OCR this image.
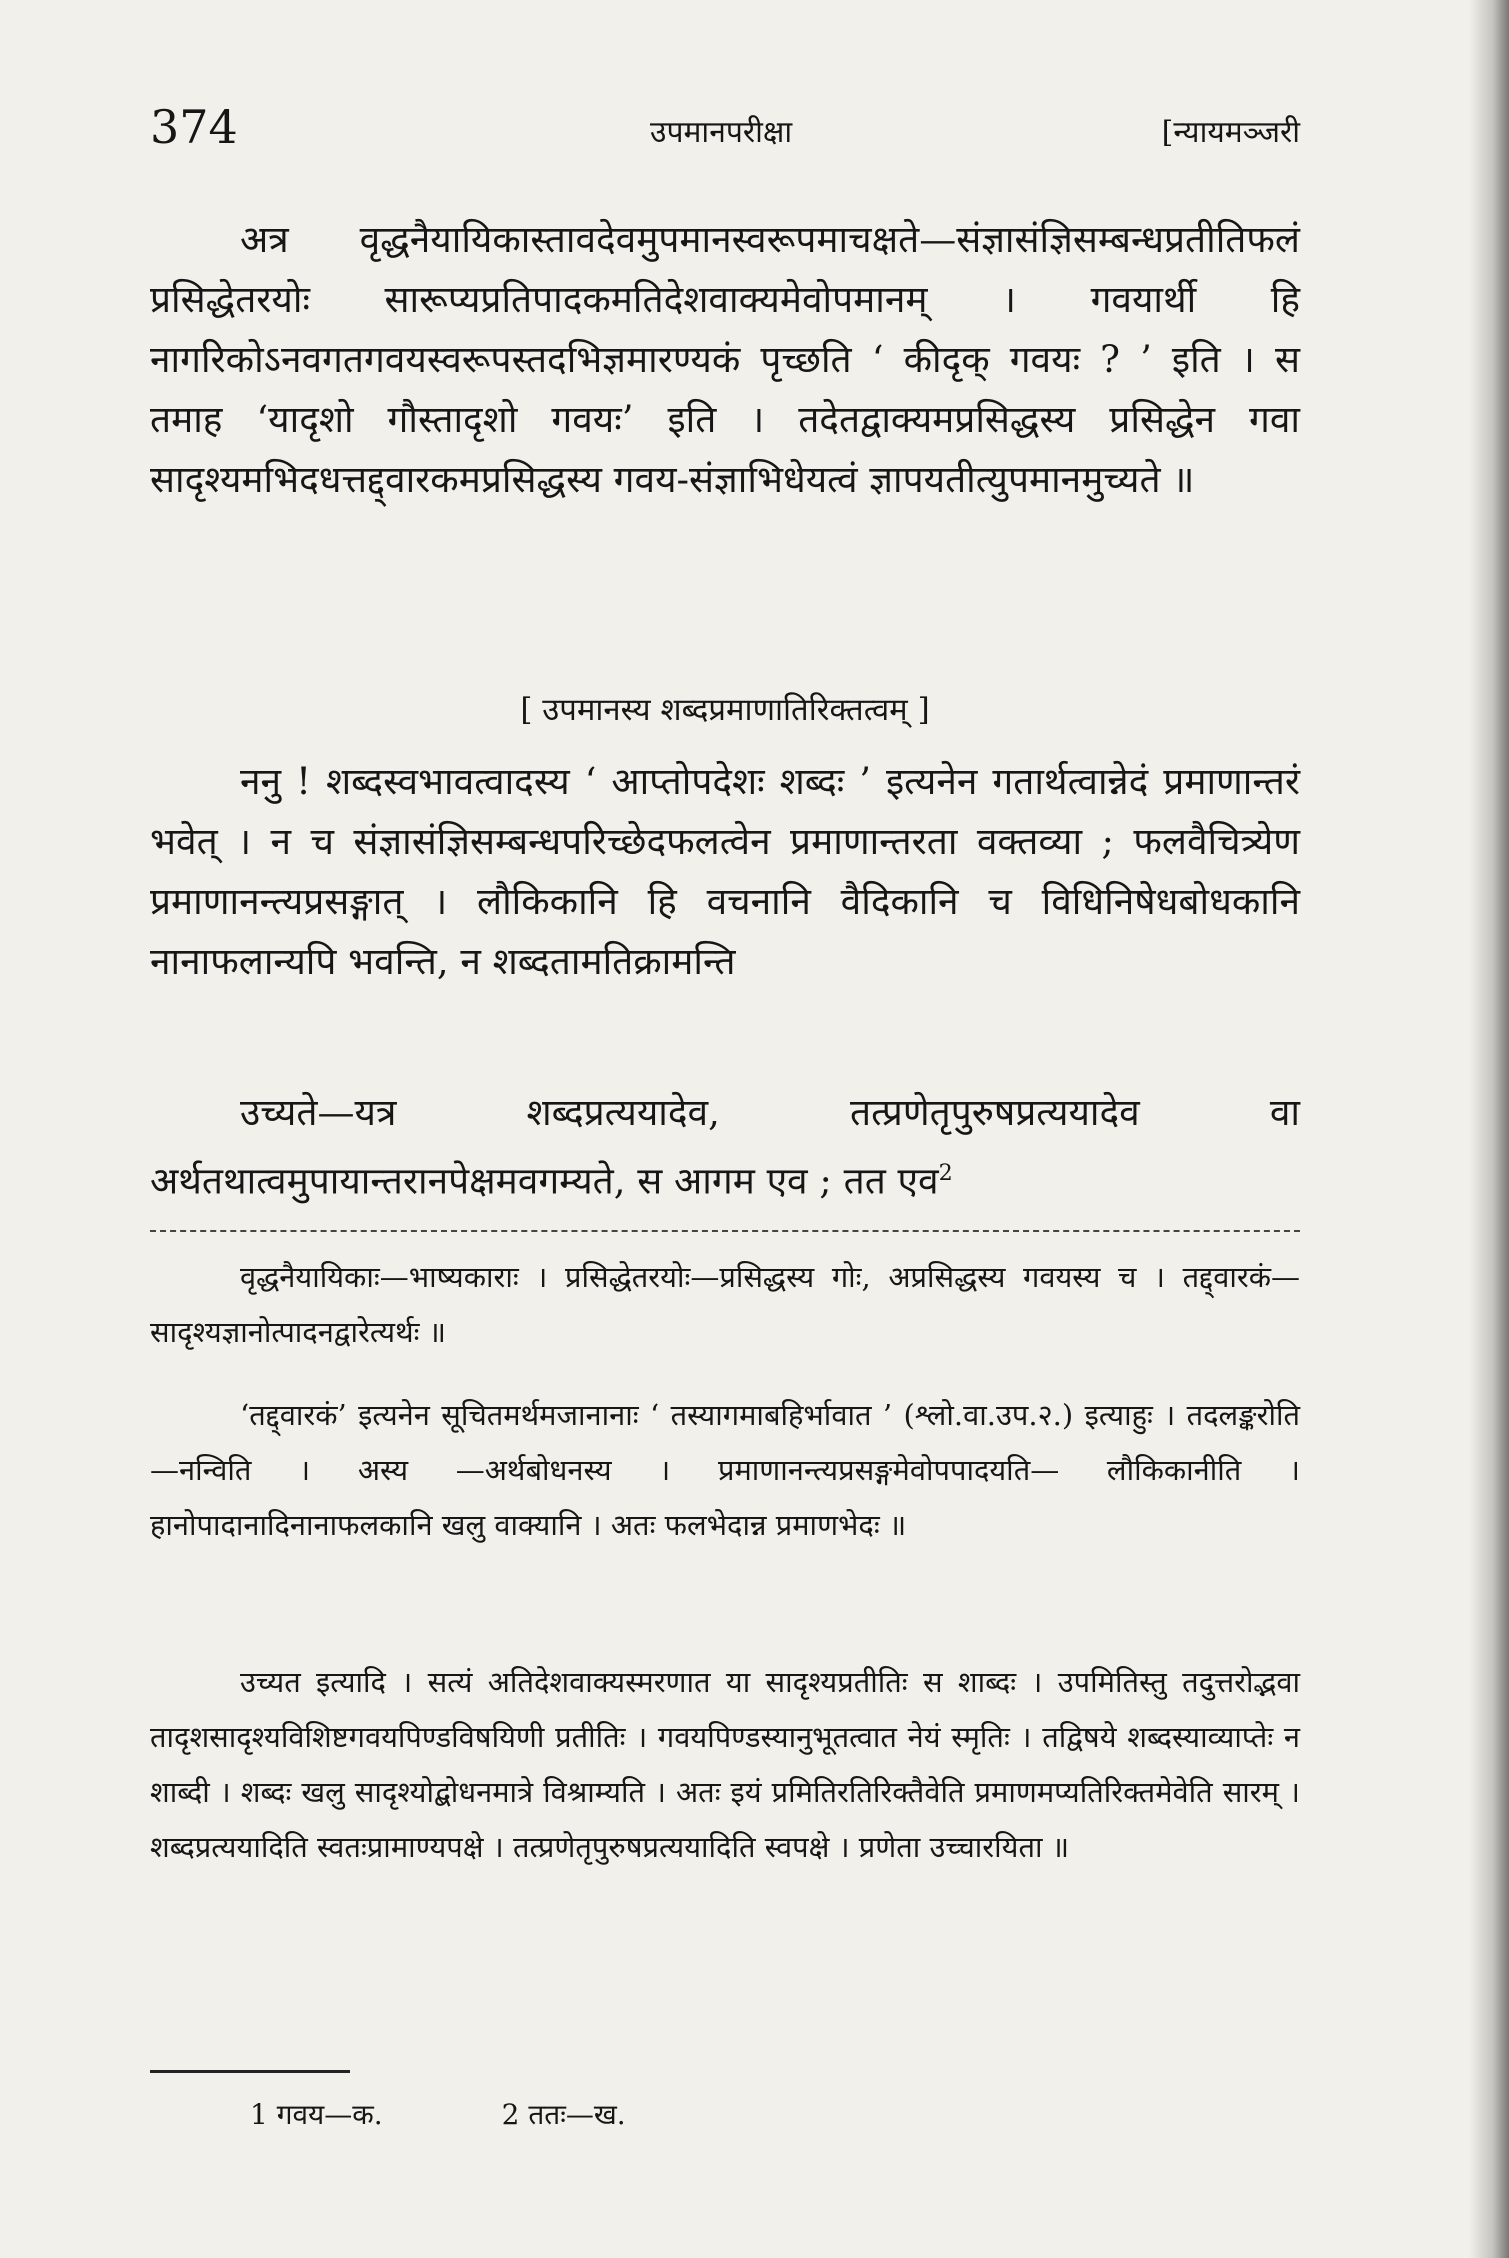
374	उपमानपरीक्षा	[न्यायमञ्जरी

अत्र वृद्धनैयायिकास्तावदेवमुपमानस्वरूपमाचक्षते—संज्ञासंज्ञिसम्बन्धप्रतीतिफलं प्रसिद्धेतरयोः सारूप्यप्रतिपादकमतिदेशवाक्यमेवोपमानम् । गवयार्थी हि नागरिकोऽनवगतगवयस्वरूपस्तदभिज्ञमारण्यकं पृच्छति ‘ कीदृक् गवयः ? ’ इति । स तमाह ‘यादृशो गौस्तादृशो गवयः’ इति । तदेतद्वाक्यमप्रसिद्धस्य प्रसिद्धेन गवा सादृश्यमभिदधत्तद्द्वारकमप्रसिद्धस्य गवय-संज्ञाभिधेयत्वं ज्ञापयतीत्युपमानमुच्यते ॥

[ उपमानस्य शब्दप्रमाणातिरिक्तत्वम् ]

ननु ! शब्दस्वभावत्वादस्य ‘ आप्तोपदेशः शब्दः ’ इत्यनेन गतार्थत्वान्नेदं प्रमाणान्तरं भवेत् । न च संज्ञासंज्ञिसम्बन्धपरिच्छेदफलत्वेन प्रमाणान्तरता वक्तव्या ; फलवैचित्र्येण प्रमाणानन्त्यप्रसङ्गात् । लौकिकानि हि वचनानि वैदिकानि च विधिनिषेधबोधकानि नानाफलान्यपि भवन्ति, न शब्दतामतिक्रामन्ति

उच्यते—यत्र शब्दप्रत्ययादेव, तत्प्रणेतृपुरुषप्रत्ययादेव वा अर्थतथात्वमुपायान्तरानपेक्षमवगम्यते, स आगम एव ; तत एव$^2$

वृद्धनैयायिकाः—भाष्यकाराः । प्रसिद्धेतरयोः—प्रसिद्धस्य गोः, अप्रसिद्धस्य गवयस्य च । तद्द्वारकं— सादृश्यज्ञानोत्पादनद्वारेत्यर्थः ॥

‘तद्द्वारकं’ इत्यनेन सूचितमर्थमजानानाः ‘ तस्यागमाबहिर्भावात ’ (श्लो.वा.उप.२.) इत्याहुः । तदलङ्करोति—नन्विति । अस्य —अर्थबोधनस्य । प्रमाणानन्त्यप्रसङ्गमेवोपपादयति— लौकिकानीति । हानोपादानादिनानाफलकानि खलु वाक्यानि । अतः फलभेदान्न प्रमाणभेदः ॥

उच्यत इत्यादि । सत्यं अतिदेशवाक्यस्मरणात या सादृश्यप्रतीतिः स शाब्दः । उपमितिस्तु तदुत्तरोद्भवा तादृशसादृश्यविशिष्टगवयपिण्डविषयिणी प्रतीतिः । गवयपिण्डस्यानुभूतत्वात नेयं स्मृतिः । तद्विषये शब्दस्याव्याप्तेः न शाब्दी । शब्दः खलु सादृश्योद्बोधनमात्रे विश्राम्यति । अतः इयं प्रमितिरतिरिक्तैवेति प्रमाणमप्यतिरिक्तमेवेति सारम् । शब्दप्रत्ययादिति स्वतःप्रामाण्यपक्षे । तत्प्रणेतृपुरुषप्रत्ययादिति स्वपक्षे । प्रणेता उच्चारयिता ॥

1 गवय—क.	2 ततः—ख.
